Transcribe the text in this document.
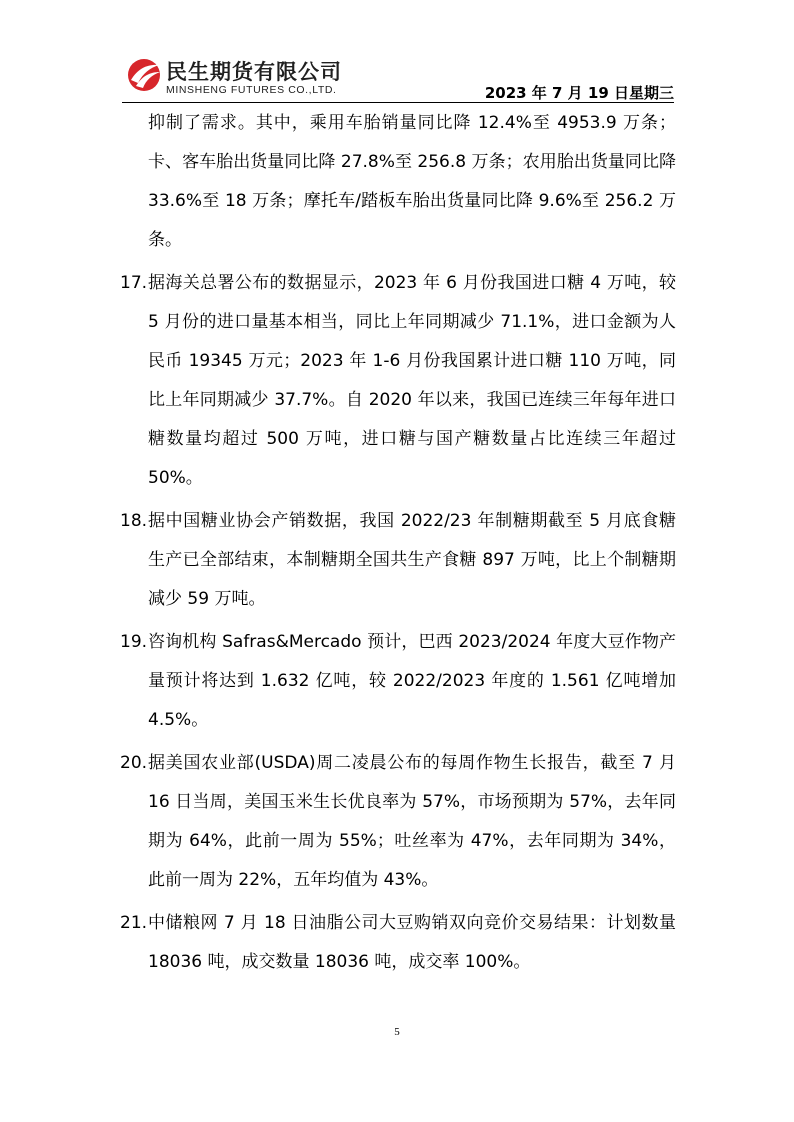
民生期货有限公司
MINSHENG FUTURES CO.,LTD.	2023 年 7 月 19 日星期三

抑制了需求。其中，乘用车胎销量同比降 12.4%至 4953.9 万条；卡、客车胎出货量同比降 27.8%至 256.8 万条；农用胎出货量同比降 33.6%至 18 万条；摩托车/踏板车胎出货量同比降 9.6%至 256.2 万条。

17. 据海关总署公布的数据显示，2023 年 6 月份我国进口糖 4 万吨，较 5 月份的进口量基本相当，同比上年同期减少 71.1%，进口金额为人民币 19345 万元；2023 年 1-6 月份我国累计进口糖 110 万吨，同比上年同期减少 37.7%。自 2020 年以来，我国已连续三年每年进口糖数量均超过 500 万吨，进口糖与国产糖数量占比连续三年超过 50%。
18. 据中国糖业协会产销数据，我国 2022/23 年制糖期截至 5 月底食糖生产已全部结束，本制糖期全国共生产食糖 897 万吨，比上个制糖期减少 59 万吨。
19. 咨询机构 Safras&Mercado 预计，巴西 2023/2024 年度大豆作物产量预计将达到 1.632 亿吨，较 2022/2023 年度的 1.561 亿吨增加 4.5%。
20. 据美国农业部(USDA)周二凌晨公布的每周作物生长报告，截至 7 月 16 日当周，美国玉米生长优良率为 57%，市场预期为 57%，去年同期为 64%，此前一周为 55%；吐丝率为 47%，去年同期为 34%，此前一周为 22%，五年均值为 43%。
21. 中储粮网 7 月 18 日油脂公司大豆购销双向竞价交易结果：计划数量 18036 吨，成交数量 18036 吨，成交率 100%。
5
